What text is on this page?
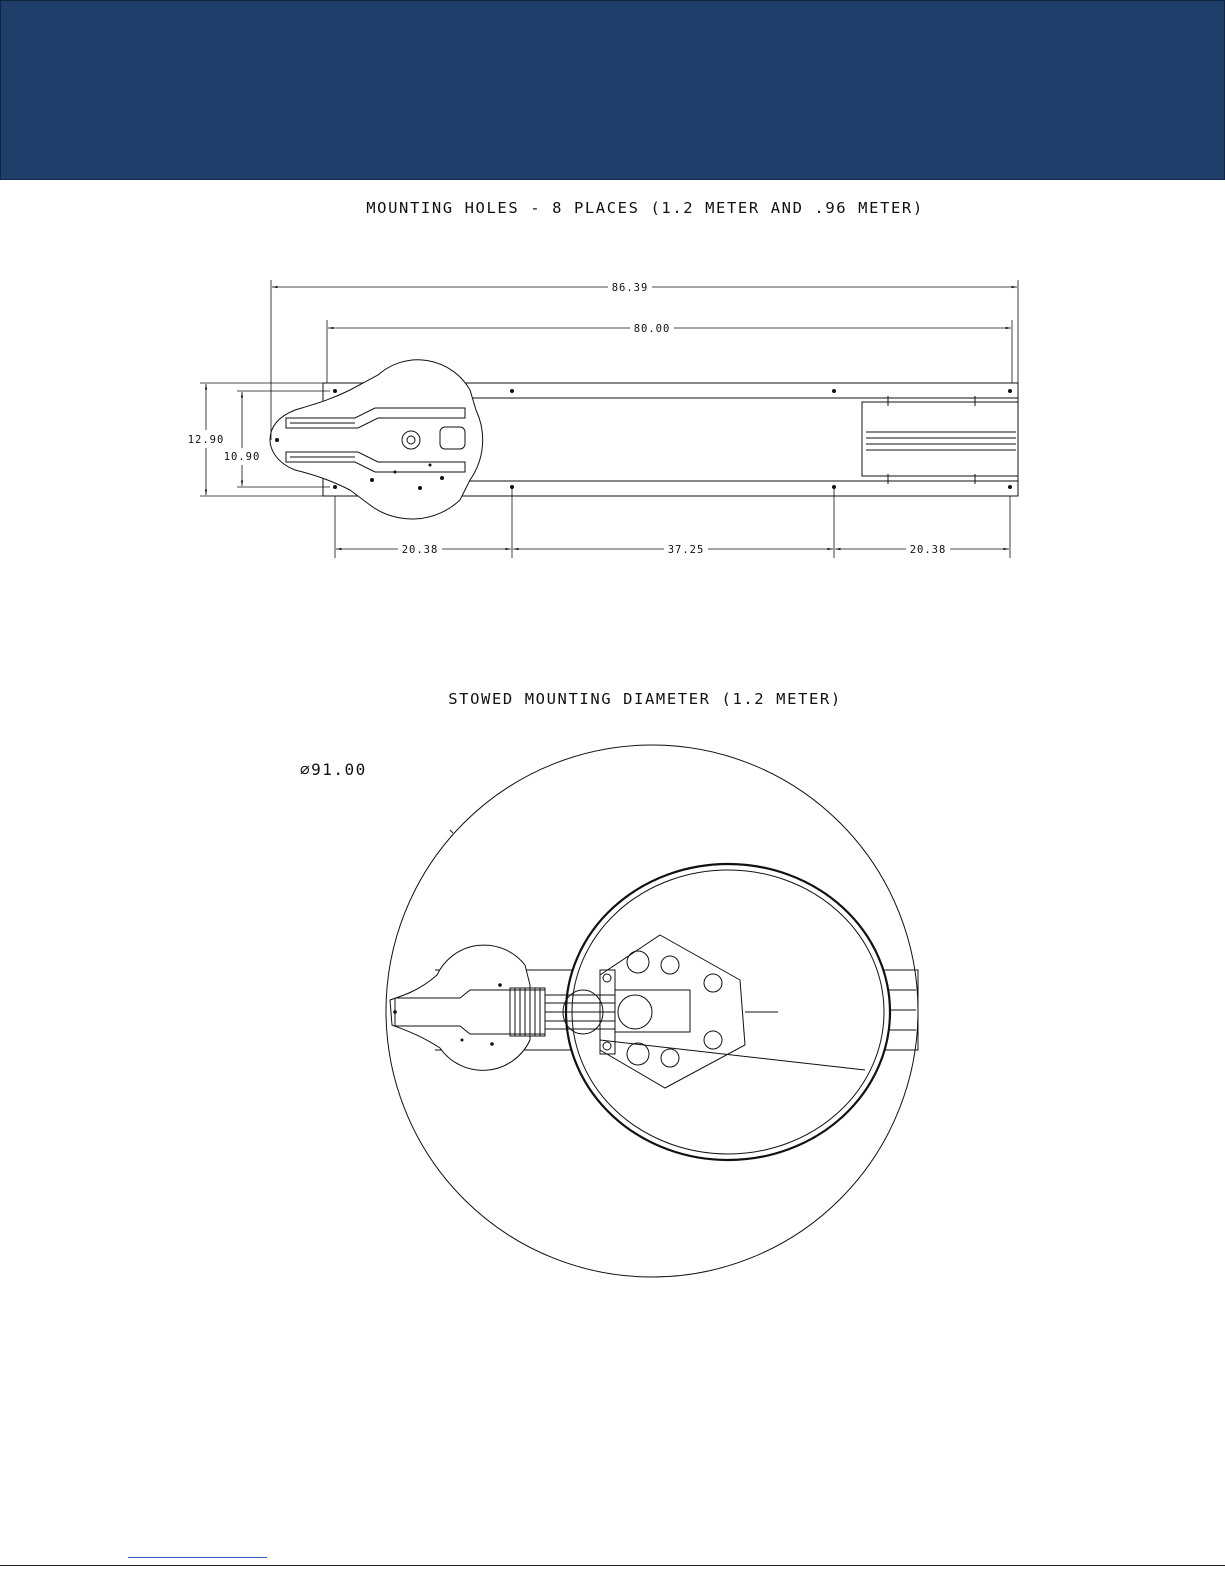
MOUNTING HOLES - 8 PLACES (1.2 METER AND .96 METER)
86.39
80.00
12.90
10.90
20.38	37.25	20.38
STOWED MOUNTING DIAMETER (1.2 METER)
∅91.00
